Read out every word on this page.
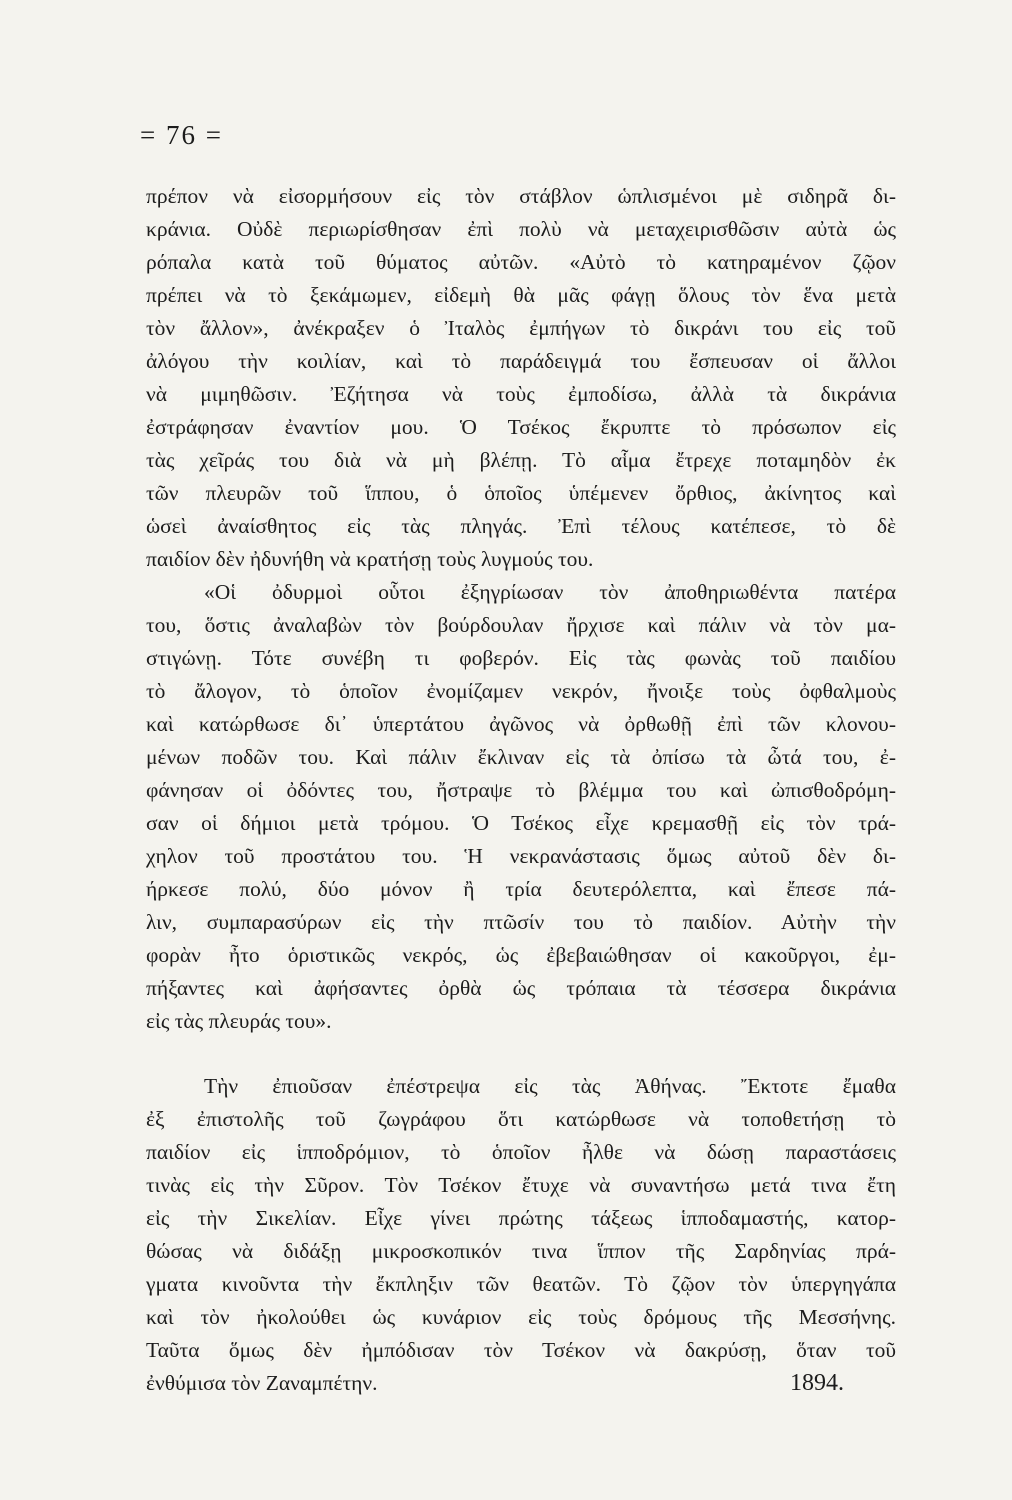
= 76 =
πρέπον νὰ εἰσορμήσουν εἰς τὸν στάβλον ὡπλισμένοι μὲ σιδηρᾶ δι-
κράνια. Οὐδὲ περιωρίσθησαν ἐπὶ πολὺ νὰ μεταχειρισθῶσιν αὐτὰ ὡς
ρόπαλα κατὰ τοῦ θύματος αὐτῶν. «Αὐτὸ τὸ κατηραμένον ζῷον
πρέπει νὰ τὸ ξεκάμωμεν, εἰδεμὴ θὰ μᾶς φάγῃ ὅλους τὸν ἕνα μετὰ
τὸν ἄλλον», ἀνέκραξεν ὁ Ἰταλὸς ἐμπήγων τὸ δικράνι του εἰς τοῦ
ἀλόγου τὴν κοιλίαν, καὶ τὸ παράδειγμά του ἔσπευσαν οἱ ἄλλοι
νὰ μιμηθῶσιν. Ἐζήτησα νὰ τοὺς ἐμποδίσω, ἀλλὰ τὰ δικράνια
ἐστράφησαν ἐναντίον μου. Ὁ Τσέκος ἔκρυπτε τὸ πρόσωπον εἰς
τὰς χεῖράς του διὰ νὰ μὴ βλέπῃ. Τὸ αἷμα ἔτρεχε ποταμηδὸν ἐκ
τῶν πλευρῶν τοῦ ἵππου, ὁ ὁποῖος ὑπέμενεν ὄρθιος, ἀκίνητος καὶ
ὡσεὶ ἀναίσθητος εἰς τὰς πληγάς. Ἐπὶ τέλους κατέπεσε, τὸ δὲ
παιδίον δὲν ἠδυνήθη νὰ κρατήσῃ τοὺς λυγμούς του.
«Οἱ ὀδυρμοὶ οὗτοι ἐξηγρίωσαν τὸν ἀποθηριωθέντα πατέρα
του, ὅστις ἀναλαβὼν τὸν βούρδουλαν ἤρχισε καὶ πάλιν νὰ τὸν μα-
στιγώνῃ. Τότε συνέβη τι φοβερόν. Εἰς τὰς φωνὰς τοῦ παιδίου
τὸ ἄλογον, τὸ ὁποῖον ἐνομίζαμεν νεκρόν, ἤνοιξε τοὺς ὀφθαλμοὺς
καὶ κατώρθωσε δι᾽ ὑπερτάτου ἀγῶνος νὰ ὀρθωθῇ ἐπὶ τῶν κλονου-
μένων ποδῶν του. Καὶ πάλιν ἔκλιναν εἰς τὰ ὀπίσω τὰ ὦτά του, ἐ-
φάνησαν οἱ ὀδόντες του, ἤστραψε τὸ βλέμμα του καὶ ὠπισθοδρόμη-
σαν οἱ δήμιοι μετὰ τρόμου. Ὁ Τσέκος εἶχε κρεμασθῇ εἰς τὸν τρά-
χηλον τοῦ προστάτου του. Ἡ νεκρανάστασις ὅμως αὐτοῦ δὲν δι-
ήρκεσε πολύ, δύο μόνον ἢ τρία δευτερόλεπτα, καὶ ἔπεσε πά-
λιν, συμπαρασύρων εἰς τὴν πτῶσίν του τὸ παιδίον. Αὐτὴν τὴν
φορὰν ἦτο ὁριστικῶς νεκρός, ὡς ἐβεβαιώθησαν οἱ κακοῦργοι, ἐμ-
πήξαντες καὶ ἀφήσαντες ὀρθὰ ὡς τρόπαια τὰ τέσσερα δικράνια
εἰς τὰς πλευράς του».
Τὴν ἐπιοῦσαν ἐπέστρεψα εἰς τὰς Ἀθήνας. Ἔκτοτε ἔμαθα
ἐξ ἐπιστολῆς τοῦ ζωγράφου ὅτι κατώρθωσε νὰ τοποθετήσῃ τὸ
παιδίον εἰς ἱπποδρόμιον, τὸ ὁποῖον ἦλθε νὰ δώσῃ παραστάσεις
τινὰς εἰς τὴν Σῦρον. Τὸν Τσέκον ἔτυχε νὰ συναντήσω μετά τινα ἔτη
εἰς τὴν Σικελίαν. Εἶχε γίνει πρώτης τάξεως ἱπποδαμαστής, κατορ-
θώσας νὰ διδάξῃ μικροσκοπικόν τινα ἵππον τῆς Σαρδηνίας πρά-
γματα κινοῦντα τὴν ἔκπληξιν τῶν θεατῶν. Τὸ ζῷον τὸν ὑπεργηγάπα
καὶ τὸν ἠκολούθει ὡς κυνάριον εἰς τοὺς δρόμους τῆς Μεσσήνης.
Ταῦτα ὅμως δὲν ἠμπόδισαν τὸν Τσέκον νὰ δακρύσῃ, ὅταν τοῦ
ἐνθύμισα τὸν Ζαναμπέτην.	1894.
